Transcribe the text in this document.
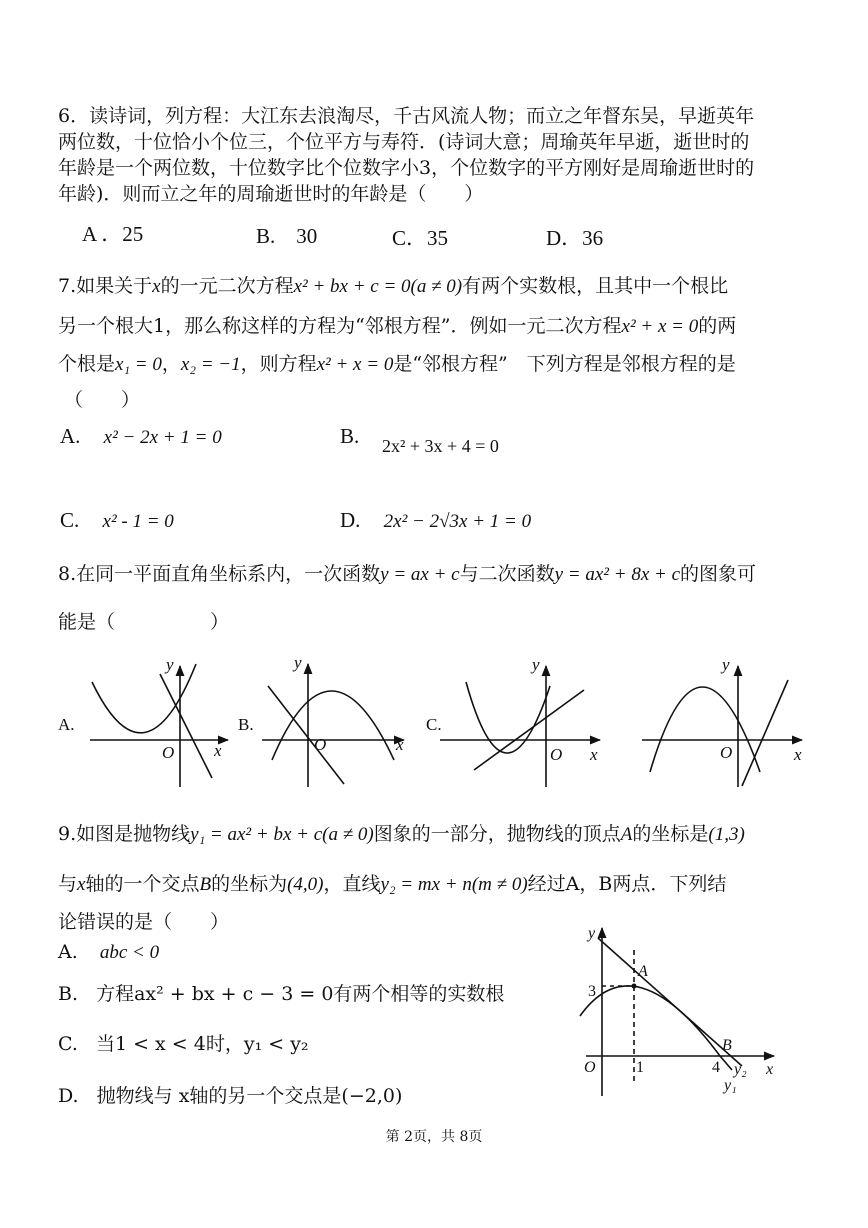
6．读诗词，列方程：大江东去浪淘尽，千古风流人物；而立之年督东吴，早逝英年
两位数，十位恰小个位三，个位平方与寿符．(诗词大意；周瑜英年早逝，逝世时的
年龄是一个两位数，十位数字比个位数字小3，个位数字的平方刚好是周瑜逝世时的
年龄)．则而立之年的周瑜逝世时的年龄是（　　）
A ．25	B.　30	C．35	D．36
7.如果关于x的一元二次方程x² + bx + c = 0(a ≠ 0)有两个实数根，且其中一个根比
另一个根大1，那么称这样的方程为“邻根方程”．例如一元二次方程x² + x = 0的两
个根是x₁ = 0，x₂ = −1，则方程x² + x = 0是“邻根方程”　下列方程是邻根方程的是
（　　）
A. x² − 2x + 1 = 0	B. 2x² + 3x + 4 = 0
C. x² - 1 = 0	D. 2x² − 2√3x + 1 = 0
8.在同一平面直角坐标系内，一次函数y = ax + c与二次函数y = ax² + 8x + c的图象可
能是（　　　　　）
A.	B.	C.
y
x
O
y
x
O
y
x
O
y
x
O
9.如图是抛物线y₁ = ax² + bx + c(a ≠ 0)图象的一部分，抛物线的顶点A的坐标是(1,3)
与x轴的一个交点B的坐标为(4,0)，直线y₂ = mx + n(m ≠ 0)经过A，B两点．下列结
论错误的是（　　）
A. abc < 0
B. 方程ax² + bx + c − 3 = 0有两个相等的实数根
C. 当1 < x < 4时，y₁ < y₂
D. 抛物线与 x轴的另一个交点是(−2,0)
y
x
O
A
B
3
1	4 y₂
y₁
第 2页，共 8页
